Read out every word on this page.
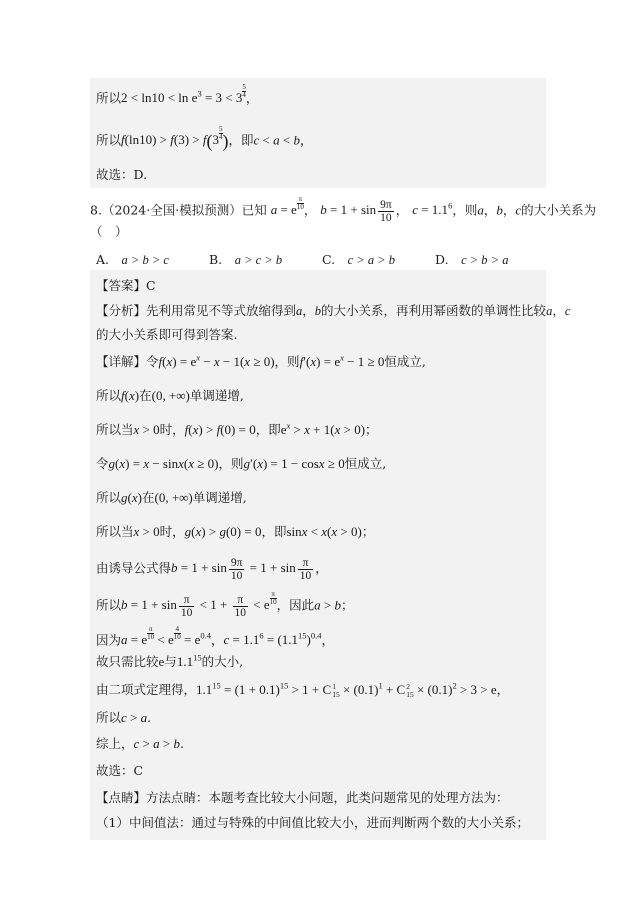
所以$2 < \ln 10 < \ln e^3 = 3 < 3 \frac{5}{4}$ ，
所以$f(\ln 10) > f(3) > f(3 \frac{5}{4}$ )，即c < a < b，
故选：D.
8.（2024·全国·模拟预测）已知 a = e $\frac{\pi}{10}$ ， $b = 1 + \sin \frac{9\pi}{10}$ ， $c = 1.1^6$，则a，b，c的大小关系为
（　）
A.　 a > b > c	B.　 a > c > b	C.　 c > a > b	D.　 c > b > a
【答案】C
【分析】先利用常见不等式放缩得到a，b的大小关系，再利用幂函数的单调性比较a，c
的大小关系即可得到答案.
【详解】令$f(x) = e^x - x - 1(x \ge 0)$，则$f'(x) = e^x - 1 \ge 0$恒成立,
所以f(x)在(0, +∞)单调递增,
所以当x > 0时，f(x) > f(0) = 0，即$e^x > x + 1(x > 0)$；
令g(x) = x − sinx(x ≥ 0)，则g′(x) = 1 − cosx ≥ 0恒成立,
所以g(x)在(0, +∞)单调递增,
所以当x > 0时，g(x) > g(0) = 0，即sinx < x(x > 0)；
由诱导公式得$b = 1 + \sin \frac{9\pi}{10} = 1 + \sin \frac{\pi}{10}$ ，
所以$b = 1 + \sin \frac{\pi}{10} < 1 + \frac{\pi}{10} < e \frac{\pi}{10}$ ，因此a > b；
因为a = e $\frac{\pi}{10} < e \frac{4}{10} = e^{0.4}$，$c = 1.1^6 = (1.1^{15})^{0.4}$，
故只需比较e与$1.1^{15}$的大小,
由二项式定理得，$1.1^{15} = (1 + 0.1)^{15} > 1 + C$ 1
$15 \times (0.1)^1 + C$ 2
$15 \times (0.1)^2 > 3 > e$，
所以c > a.
综上，c > a > b.
故选：C
【点睛】方法点睛：本题考查比较大小问题，此类问题常见的处理方法为：
（1）中间值法：通过与特殊的中间值比较大小，进而判断两个数的大小关系；
